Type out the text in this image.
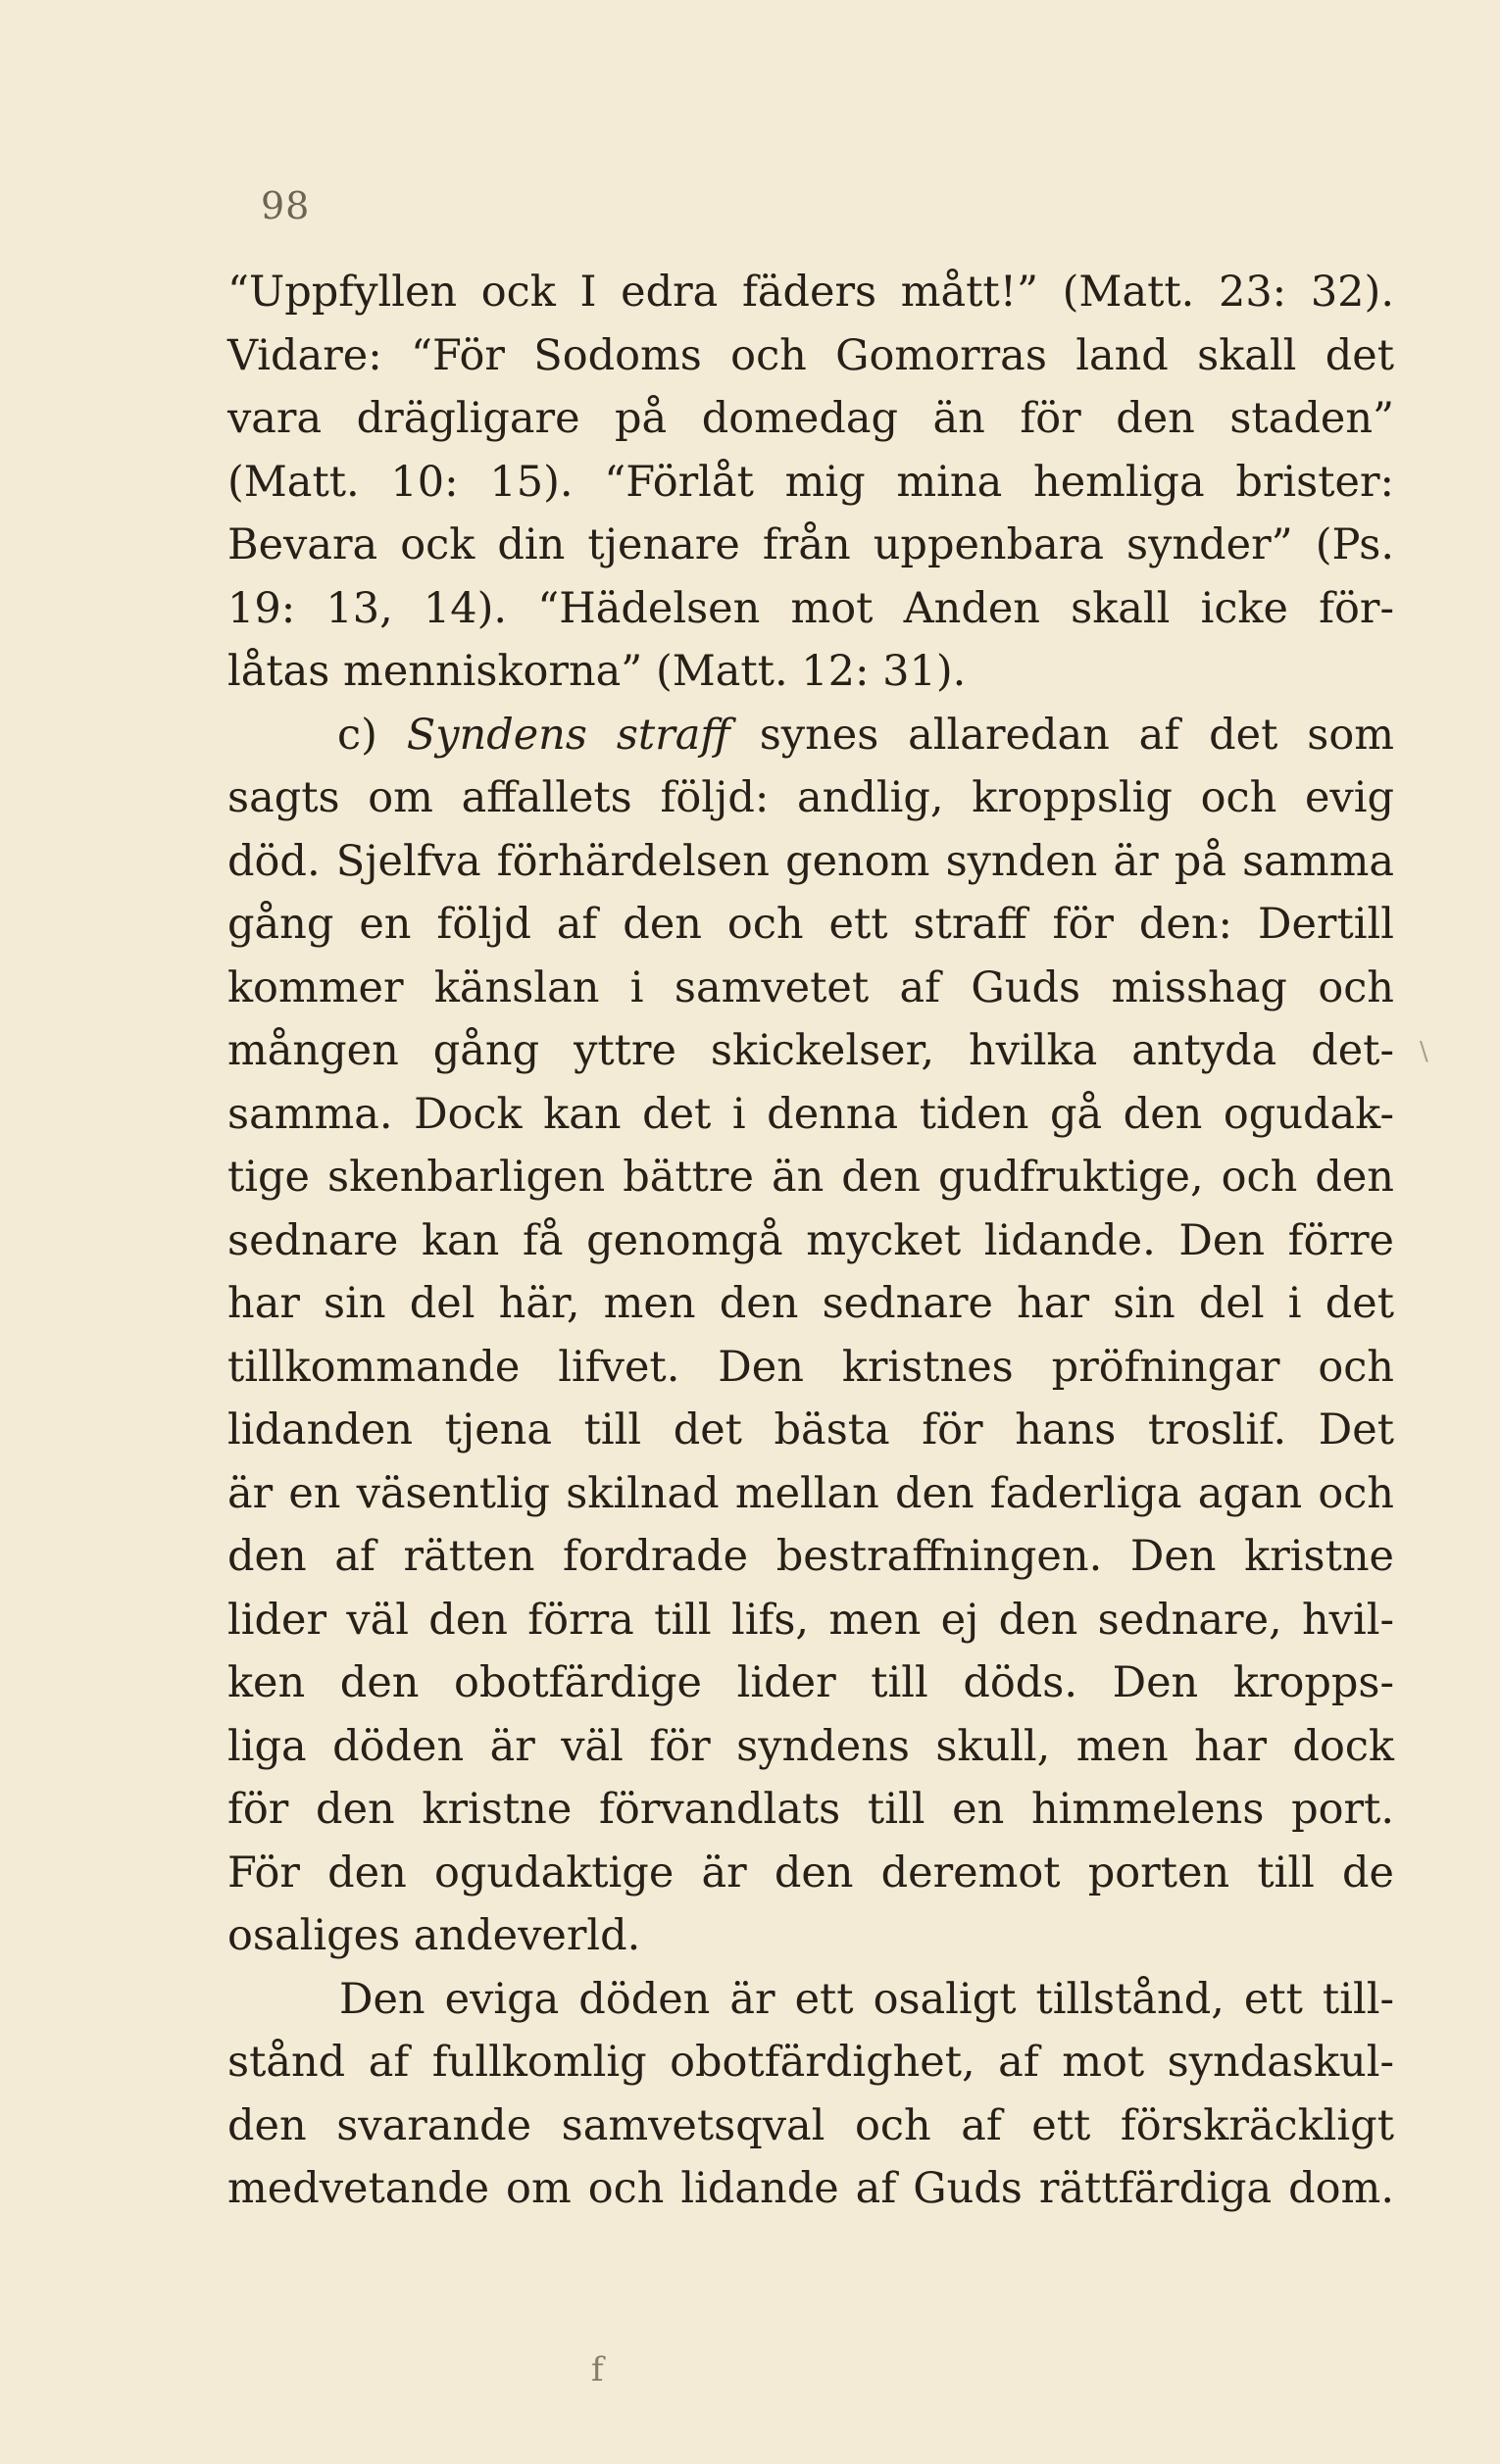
98
“Uppfyllen ock I edra fäders mått!” (Matt. 23: 32).
Vidare: “För Sodoms och Gomorras land skall det
vara drägligare på domedag än för den staden”
(Matt. 10: 15). “Förlåt mig mina hemliga brister:
Bevara ock din tjenare från uppenbara synder” (Ps.
19: 13, 14). “Hädelsen mot Anden skall icke för-
låtas menniskorna” (Matt. 12: 31).
c) Syndens straff synes allaredan af det som
sagts om affallets följd: andlig, kroppslig och evig
död. Sjelfva förhärdelsen genom synden är på samma
gång en följd af den och ett straff för den: Dertill
kommer känslan i samvetet af Guds misshag och
mången gång yttre skickelser, hvilka antyda det-
samma. Dock kan det i denna tiden gå den ogudak-
tige skenbarligen bättre än den gudfruktige, och den
sednare kan få genomgå mycket lidande. Den förre
har sin del här, men den sednare har sin del i det
tillkommande lifvet. Den kristnes pröfningar och
lidanden tjena till det bästa för hans troslif. Det
är en väsentlig skilnad mellan den faderliga agan och
den af rätten fordrade bestraffningen. Den kristne
lider väl den förra till lifs, men ej den sednare, hvil-
ken den obotfärdige lider till döds. Den kropps-
liga döden är väl för syndens skull, men har dock
för den kristne förvandlats till en himmelens port.
För den ogudaktige är den deremot porten till de
osaliges andeverld.
Den eviga döden är ett osaligt tillstånd, ett till-
stånd af fullkomlig obotfärdighet, af mot syndaskul-
den svarande samvetsqval och af ett förskräckligt
medvetande om och lidande af Guds rättfärdiga dom.
\
f
